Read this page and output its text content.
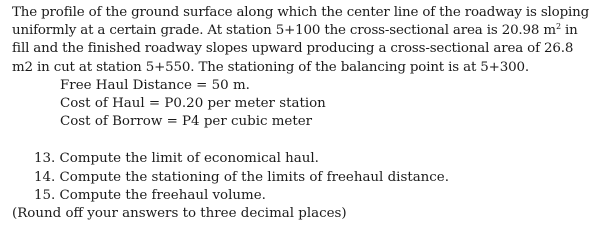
The profile of the ground surface along which the center line of the roadway is sloping
uniformly at a certain grade. At station 5+100 the cross-sectional area is 20.98 $m^2$ in
fill and the finished roadway slopes upward producing a cross-sectional area of 26.8
m2 in cut at station 5+550. The stationing of the balancing point is at 5+300.
Free Haul Distance = 50 m.
Cost of Haul = P0.20 per meter station
Cost of Borrow = P4 per cubic meter
13. Compute the limit of economical haul.
14. Compute the stationing of the limits of freehaul distance.
15. Compute the freehaul volume.
(Round off your answers to three decimal places)
